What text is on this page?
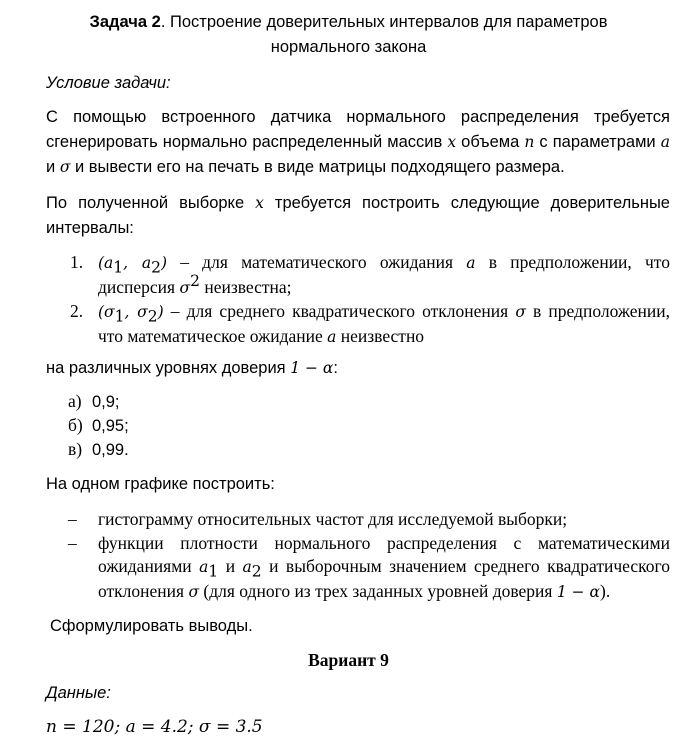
Задача 2. Построение доверительных интервалов для параметров
нормального закона
Условие задачи:
С помощью встроенного датчика нормального распределения требуется сгенерировать нормально распределенный массив x объема n с параметрами a и σ и вывести его на печать в виде матрицы подходящего размера.
По полученной выборке x требуется построить следующие доверительные интервалы:
1. ($a_1$, $a_2$) – для математического ожидания a в предположении, что дисперсия $\sigma^2$ неизвестна;
2. ($\sigma_1$, $\sigma_2$) – для среднего квадратического отклонения σ в предположении, что математическое ожидание a неизвестно
на различных уровнях доверия 1 − α:
а) 0,9;
б) 0,95;
в) 0,99.
На одном графике построить:
– гистограмму относительных частот для исследуемой выборки;
– функции плотности нормального распределения с математическими ожиданиями $a_1$ и $a_2$ и выборочным значением среднего квадратического отклонения σ (для одного из трех заданных уровней доверия 1 − α).
Сформулировать выводы.
Вариант 9
Данные:
n = 120; a = 4.2; σ = 3.5
